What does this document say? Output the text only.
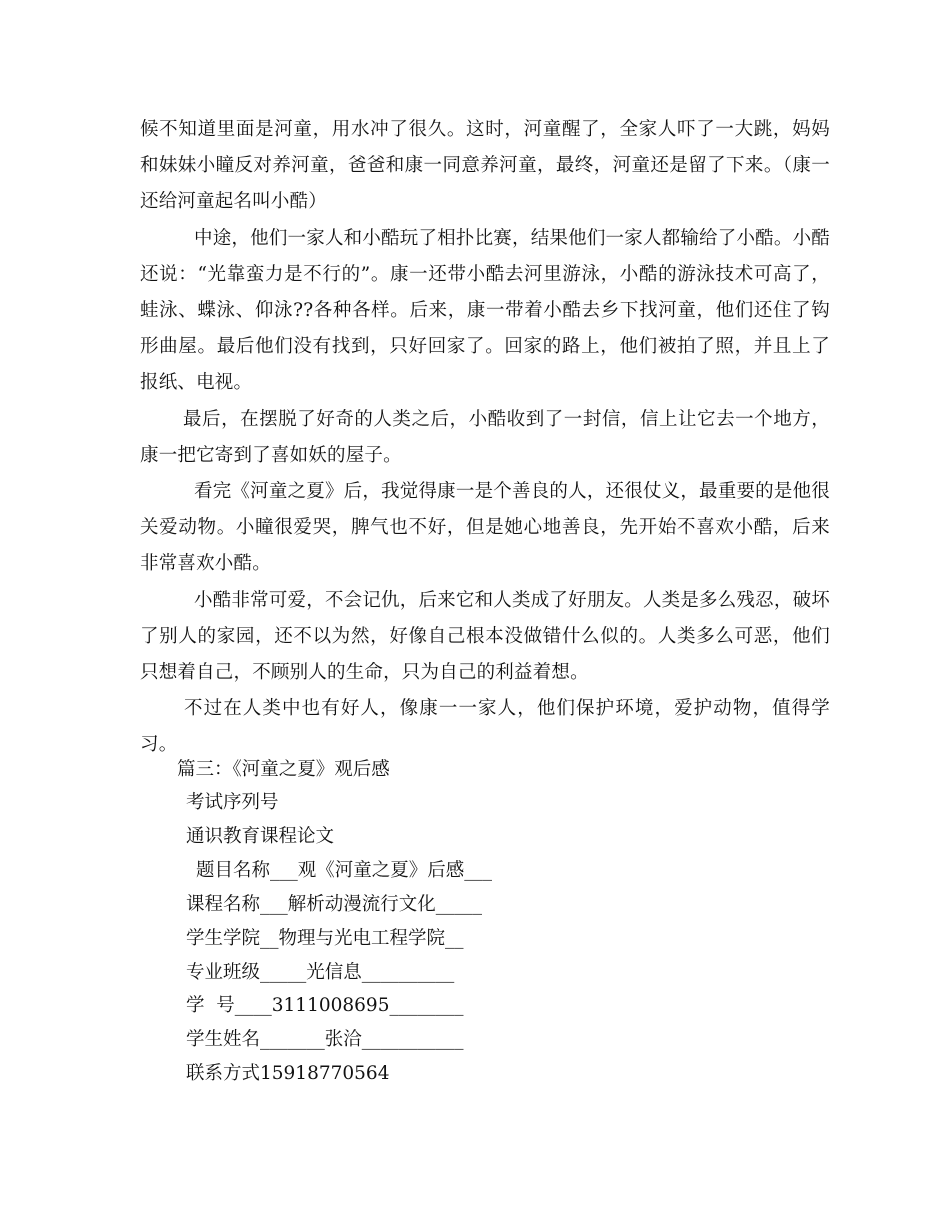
候不知道里面是河童，用水冲了很久。这时，河童醒了，全家人吓了一大跳，妈妈和妹妹小瞳反对养河童，爸爸和康一同意养河童，最终，河童还是留了下来。（康一还给河童起名叫小酷）

中途，他们一家人和小酷玩了相扑比赛，结果他们一家人都输给了小酷。小酷还说：“光靠蛮力是不行的”。康一还带小酷去河里游泳，小酷的游泳技术可高了，蛙泳、蝶泳、仰泳??各种各样。后来，康一带着小酷去乡下找河童，他们还住了钩形曲屋。最后他们没有找到，只好回家了。回家的路上，他们被拍了照，并且上了报纸、电视。

最后，在摆脱了好奇的人类之后，小酷收到了一封信，信上让它去一个地方，康一把它寄到了喜如妖的屋子。

看完《河童之夏》后，我觉得康一是个善良的人，还很仗义，最重要的是他很关爱动物。小瞳很爱哭，脾气也不好，但是她心地善良，先开始不喜欢小酷，后来非常喜欢小酷。

小酷非常可爱，不会记仇，后来它和人类成了好朋友。人类是多么残忍，破坏了别人的家园，还不以为然，好像自己根本没做错什么似的。人类多么可恶，他们只想着自己，不顾别人的生命，只为自己的利益着想。

不过在人类中也有好人，像康一一家人，他们保护环境，爱护动物，值得学习。

篇三：《河童之夏》观后感
考试序列号
通识教育课程论文
题目名称___观《河童之夏》后感___
课程名称___解析动漫流行文化_____
学生学院__物理与光电工程学院__
专业班级_____光信息__________
学  号____3111008695________
学生姓名_______张洽___________
联系方式15918770564
